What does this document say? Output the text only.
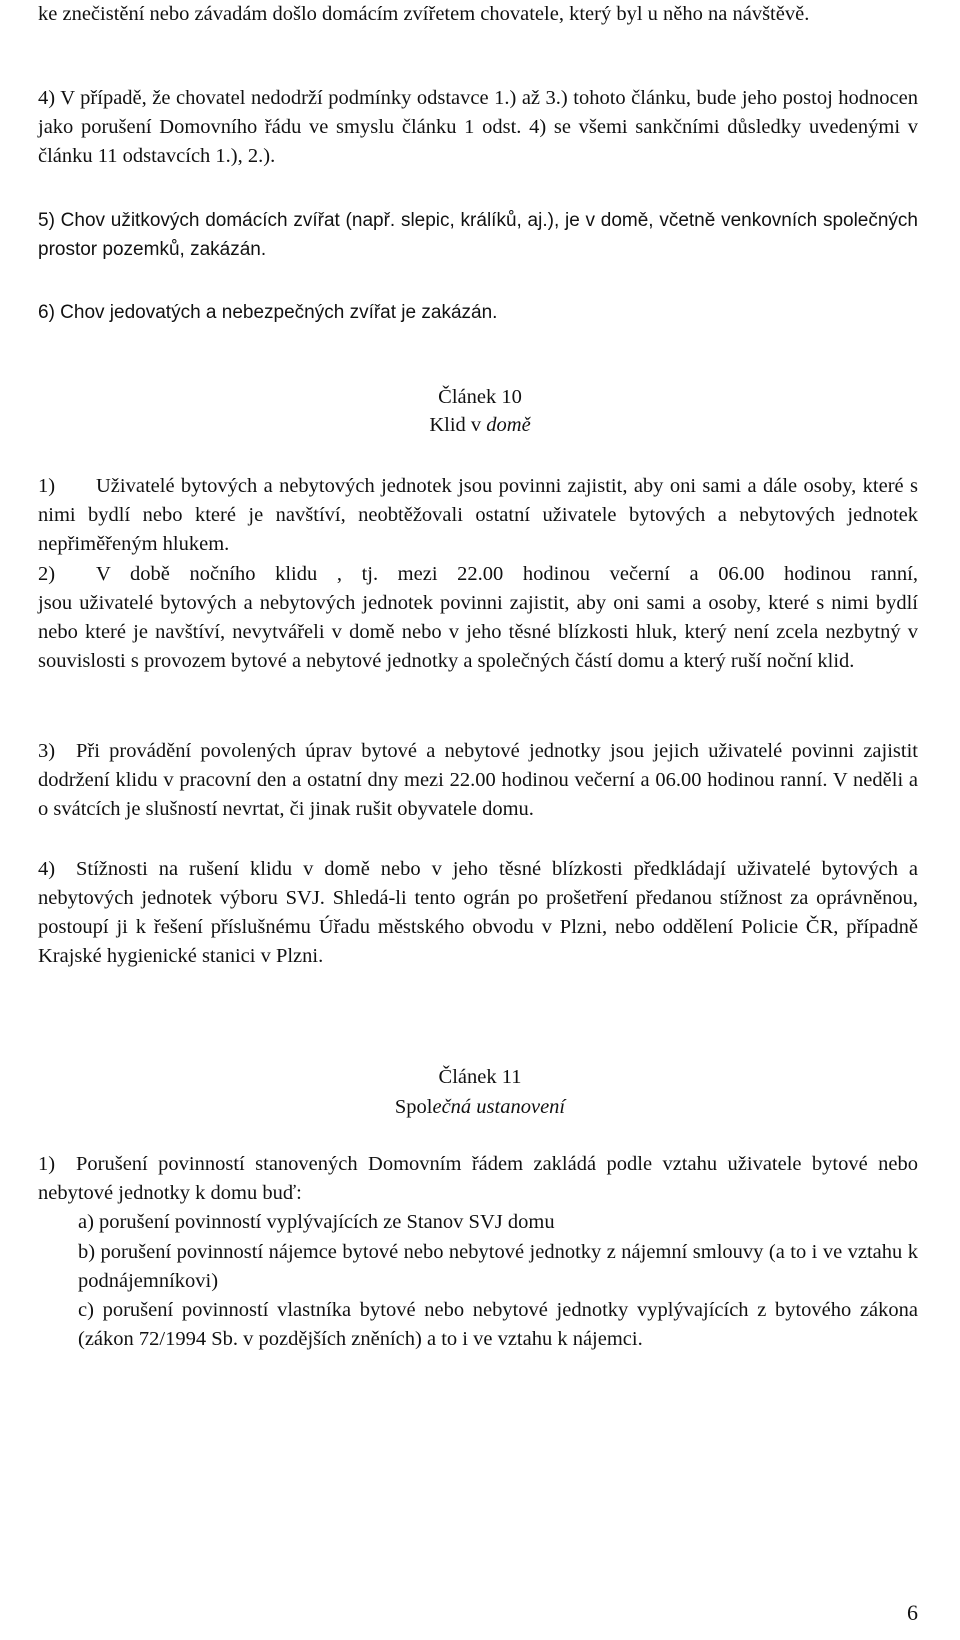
ke znečistění nebo závadám došlo domácím zvířetem chovatele, který byl u něho na návštěvě.

4) V případě, že chovatel nedodrží podmínky odstavce 1.) až 3.) tohoto článku, bude jeho postoj hodnocen jako porušení Domovního řádu ve smyslu článku 1 odst. 4) se všemi sankčními důsledky uvedenými v článku 11 odstavcích 1.), 2.).

5) Chov užitkových domácích zvířat (např. slepic, králíků, aj.), je v domě, včetně venkovních společných prostor pozemků, zakázán.

6) Chov jedovatých a nebezpečných zvířat je zakázán.

Článek 10
Klid v domě
1)	Uživatelé bytových a nebytových jednotek jsou povinni zajistit, aby oni sami a dále osoby, které s nimi bydlí nebo které je navštíví, neobtěžovali ostatní uživatele bytových a nebytových jednotek nepřiměřeným hlukem.

2) V době nočního klidu , tj. mezi 22.00 hodinou večerní a 06.00 hodinou ranní,

jsou uživatelé bytových a nebytových jednotek povinni zajistit, aby oni sami a osoby, které s nimi bydlí nebo které je navštíví, nevytvářeli v domě nebo v jeho těsné blízkosti hluk, který není zcela nezbytný v souvislosti s provozem bytové a nebytové jednotky a společných částí domu a který ruší noční klid.

3)	Při provádění povolených úprav bytové a nebytové jednotky jsou jejich uživatelé povinni zajistit dodržení klidu v pracovní den a ostatní dny mezi 22.00 hodinou večerní a 06.00 hodinou ranní. V neděli a o svátcích je slušností nevrtat, či jinak rušit obyvatele domu.
4)	Stížnosti na rušení klidu v domě nebo v jeho těsné blízkosti předkládají uživatelé bytových a nebytových jednotek výboru SVJ. Shledá-li tento ográn po prošetření předanou stížnost za oprávněnou, postoupí ji k řešení příslušnému Úřadu městského obvodu v Plzni, nebo oddělení Policie ČR, případně Krajské hygienické stanici v Plzni.
Článek 11
Společná ustanovení
1)	Porušení povinností stanovených Domovním řádem zakládá podle vztahu uživatele bytové nebo nebytové jednotky k domu buď:

a) porušení povinností vyplývajících ze Stanov SVJ domu

b) porušení povinností nájemce bytové nebo nebytové jednotky z nájemní smlouvy (a to i ve vztahu k podnájemníkovi)

c) porušení povinností vlastníka bytové nebo nebytové jednotky vyplývajících z bytového zákona (zákon 72/1994 Sb. v pozdějších zněních) a to i ve vztahu k nájemci.

6
